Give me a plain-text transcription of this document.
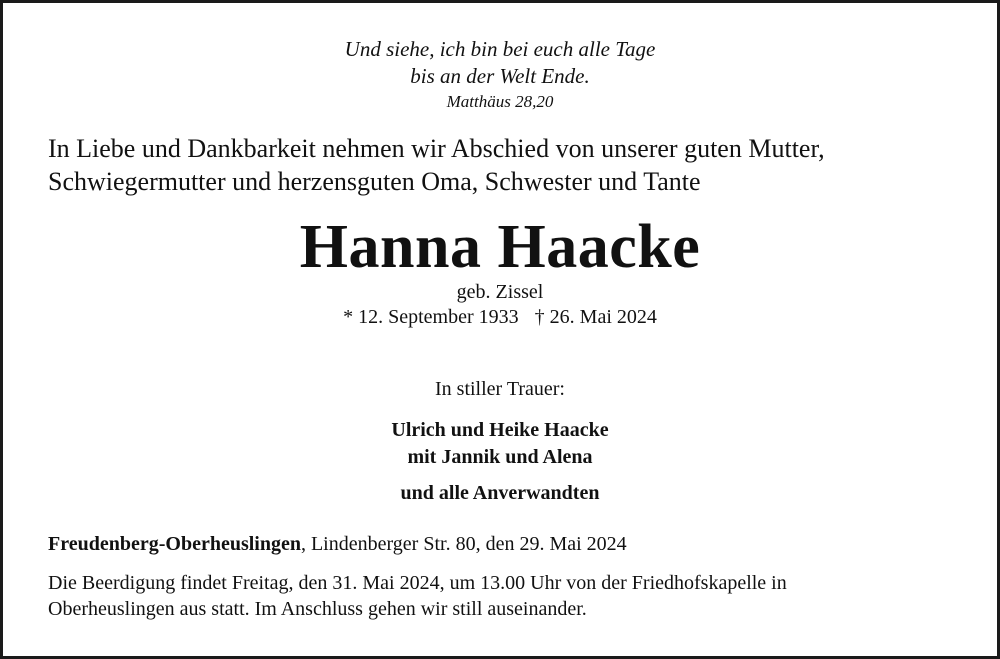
Und siehe, ich bin bei euch alle Tage

bis an der Welt Ende.

Matthäus 28,20

In Liebe und Dankbarkeit nehmen wir Abschied von unserer guten Mutter,

Schwiegermutter und herzensguten Oma, Schwester und Tante

Hanna Haacke

geb. Zissel

* 12. September 1933 † 26. Mai 2024

In stiller Trauer:

Ulrich und Heike Haacke

mit Jannik und Alena

und alle Anverwandten

Freudenberg-Oberheuslingen, Lindenberger Str. 80, den 29. Mai 2024

Die Beerdigung findet Freitag, den 31. Mai 2024, um 13.00 Uhr von der Friedhofskapelle in

Oberheuslingen aus statt. Im Anschluss gehen wir still auseinander.
